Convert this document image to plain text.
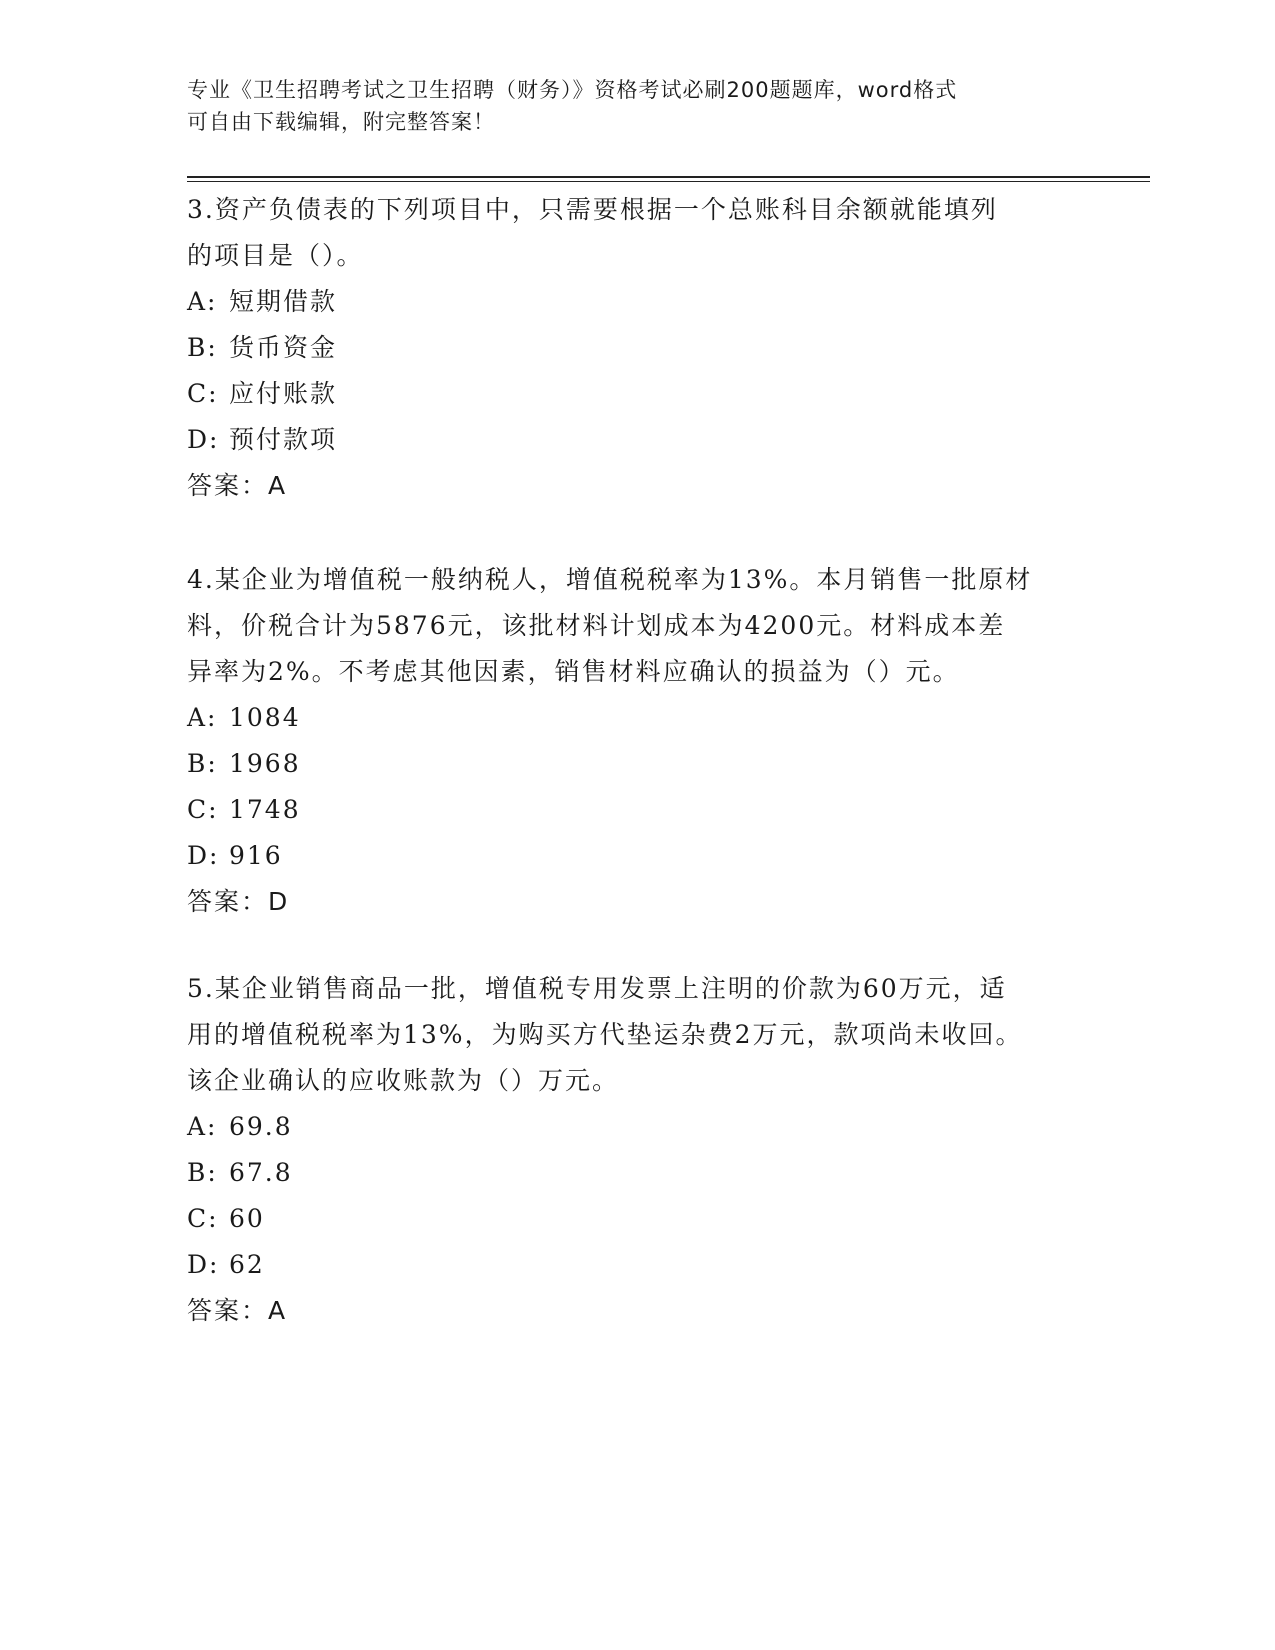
专业《卫生招聘考试之卫生招聘（财务）》资格考试必刷200题题库，word格式
可自由下载编辑，附完整答案！
3.资产负债表的下列项目中，只需要根据一个总账科目余额就能填列
的项目是（）。
A: 短期借款
B: 货币资金
C: 应付账款
D: 预付款项
答案：A
4.某企业为增值税一般纳税人，增值税税率为13%。本月销售一批原材
料，价税合计为5876元，该批材料计划成本为4200元。材料成本差
异率为2%。不考虑其他因素，销售材料应确认的损益为（）元。
A: 1084
B: 1968
C: 1748
D: 916
答案：D
5.某企业销售商品一批，增值税专用发票上注明的价款为60万元，适
用的增值税税率为13%，为购买方代垫运杂费2万元，款项尚未收回。
该企业确认的应收账款为（）万元。
A: 69.8
B: 67.8
C: 60
D: 62
答案：A
